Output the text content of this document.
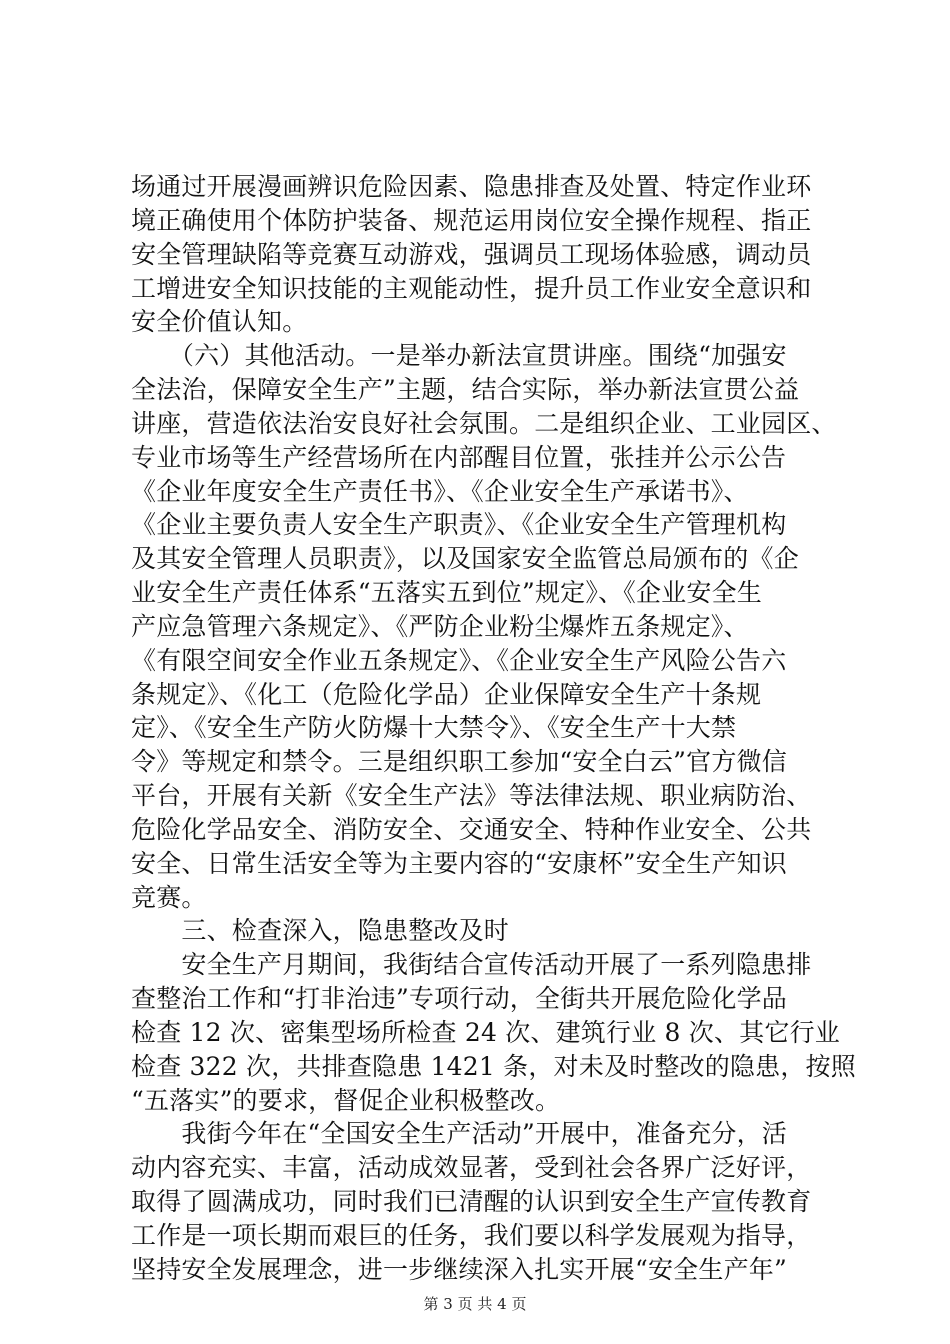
场通过开展漫画辨识危险因素、隐患排查及处置、特定作业环
境正确使用个体防护装备、规范运用岗位安全操作规程、指正
安全管理缺陷等竞赛互动游戏，强调员工现场体验感，调动员
工增进安全知识技能的主观能动性，提升员工作业安全意识和
安全价值认知。
　　（六）其他活动。一是举办新法宣贯讲座。围绕“加强安
全法治，保障安全生产”主题，结合实际，举办新法宣贯公益
讲座，营造依法治安良好社会氛围。二是组织企业、工业园区、
专业市场等生产经营场所在内部醒目位置，张挂并公示公告
《企业年度安全生产责任书》、《企业安全生产承诺书》、
《企业主要负责人安全生产职责》、《企业安全生产管理机构
及其安全管理人员职责》，以及国家安全监管总局颁布的《企
业安全生产责任体系“五落实五到位”规定》、《企业安全生
产应急管理六条规定》、《严防企业粉尘爆炸五条规定》、
《有限空间安全作业五条规定》、《企业安全生产风险公告六
条规定》、《化工（危险化学品）企业保障安全生产十条规
定》、《安全生产防火防爆十大禁令》、《安全生产十大禁
令》等规定和禁令。三是组织职工参加“安全白云”官方微信
平台，开展有关新《安全生产法》等法律法规、职业病防治、
危险化学品安全、消防安全、交通安全、特种作业安全、公共
安全、日常生活安全等为主要内容的“安康杯”安全生产知识
竞赛。
　　三、检查深入，隐患整改及时
　　安全生产月期间，我街结合宣传活动开展了一系列隐患排
查整治工作和“打非治违”专项行动，全街共开展危险化学品
检查 12 次、密集型场所检查 24 次、建筑行业 8 次、其它行业
检查 322 次，共排查隐患 1421 条，对未及时整改的隐患，按照
“五落实”的要求，督促企业积极整改。
　　我街今年在“全国安全生产活动”开展中，准备充分，活
动内容充实、丰富，活动成效显著，受到社会各界广泛好评，
取得了圆满成功，同时我们已清醒的认识到安全生产宣传教育
工作是一项长期而艰巨的任务，我们要以科学发展观为指导，
坚持安全发展理念，进一步继续深入扎实开展“安全生产年”
第 3 页 共 4 页
